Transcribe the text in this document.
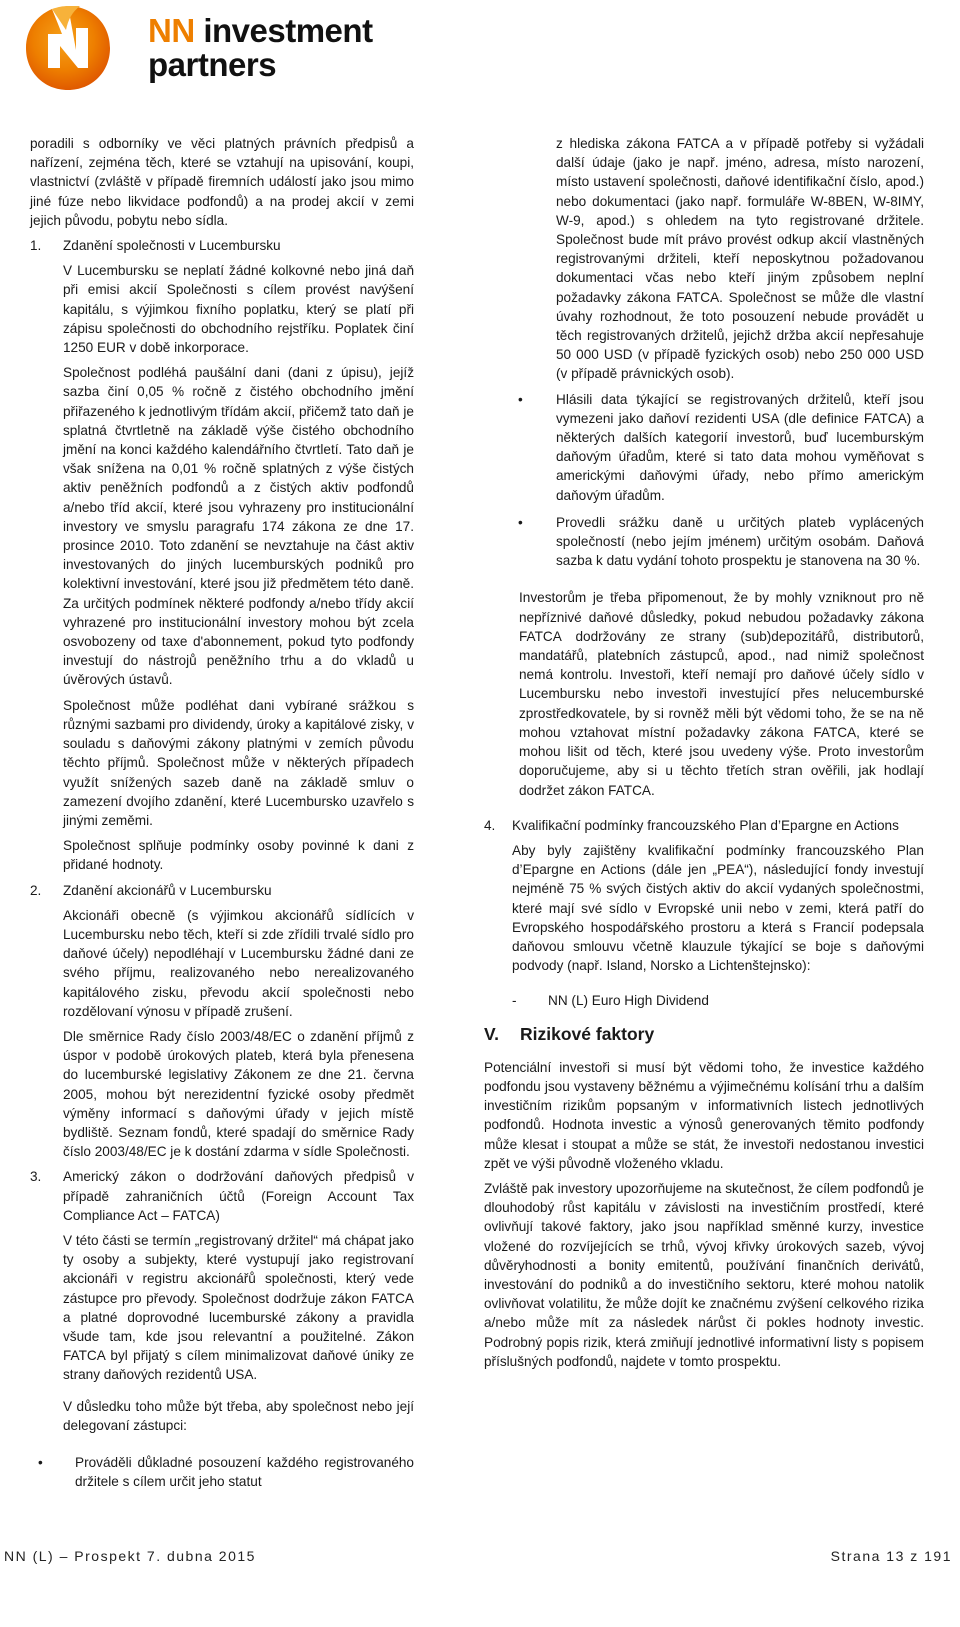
NN investment
partners

poradili s odborníky ve věci platných právních předpisů a nařízení, zejména těch, které se vztahují na upisování, koupi, vlastnictví (zvláště v případě firemních událostí jako jsou mimo jiné fúze nebo likvidace podfondů) a na prodej akcií v zemi jejich původu, pobytu nebo sídla.

1. Zdanění společnosti v Lucembursku

V Lucembursku se neplatí žádné kolkovné nebo jiná daň při emisi akcií Společnosti s cílem provést navýšení kapitálu, s výjimkou fixního poplatku, který se platí při zápisu společnosti do obchodního rejstříku. Poplatek činí 1250 EUR v době inkorporace.

Společnost podléhá paušální dani (dani z úpisu), jejíž sazba činí 0,05 % ročně z čistého obchodního jmění přiřazeného k jednotlivým třídám akcií, přičemž tato daň je splatná čtvrtletně na základě výše čistého obchodního jmění na konci každého kalendářního čtvrtletí. Tato daň je však snížena na 0,01 % ročně splatných z výše čistých aktiv peněžních podfondů a z čistých aktiv podfondů a/nebo tříd akcií, které jsou vyhrazeny pro institucionální investory ve smyslu paragrafu 174 zákona ze dne 17. prosince 2010. Toto zdanění se nevztahuje na část aktiv investovaných do jiných lucemburských podniků pro kolektivní investování, které jsou již předmětem této daně. Za určitých podmínek některé podfondy a/nebo třídy akcií vyhrazené pro institucionální investory mohou být zcela osvobozeny od taxe d'abonnement, pokud tyto podfondy investují do nástrojů peněžního trhu a do vkladů u úvěrových ústavů.

Společnost může podléhat dani vybírané srážkou s různými sazbami pro dividendy, úroky a kapitálové zisky, v souladu s daňovými zákony platnými v zemích původu těchto příjmů. Společnost může v některých případech využít snížených sazeb daně na základě smluv o zamezení dvojího zdanění, které Lucembursko uzavřelo s jinými zeměmi.

Společnost splňuje podmínky osoby povinné k dani z přidané hodnoty.

2. Zdanění akcionářů v Lucembursku

Akcionáři obecně (s výjimkou akcionářů sídlících v Lucembursku nebo těch, kteří si zde zřídili trvalé sídlo pro daňové účely) nepodléhají v Lucembursku žádné dani ze svého příjmu, realizovaného nebo nerealizovaného kapitálového zisku, převodu akcií společnosti nebo rozdělovaní výnosu v případě zrušení.

Dle směrnice Rady číslo 2003/48/EC o zdanění příjmů z úspor v podobě úrokových plateb, která byla přenesena do lucemburské legislativy Zákonem ze dne 21. června 2005, mohou být nerezidentní fyzické osoby předmět výměny informací s daňovými úřady v jejich místě bydliště. Seznam fondů, které spadají do směrnice Rady číslo 2003/48/EC je k dostání zdarma v sídle Společnosti.

3. Americký zákon o dodržování daňových předpisů v případě zahraničních účtů (Foreign Account Tax Compliance Act – FATCA)

V této části se termín „registrovaný držitel“ má chápat jako ty osoby a subjekty, které vystupují jako registrovaní akcionáři v registru akcionářů společnosti, který vede zástupce pro převody. Společnost dodržuje zákon FATCA a platné doprovodné lucemburské zákony a pravidla všude tam, kde jsou relevantní a použitelné. Zákon FATCA byl přijatý s cílem minimalizovat daňové úniky ze strany daňových rezidentů USA.

V důsledku toho může být třeba, aby společnost nebo její delegovaní zástupci:

• Prováděli důkladné posouzení každého registrovaného držitele s cílem určit jeho statut

z hlediska zákona FATCA a v případě potřeby si vyžádali další údaje (jako je např. jméno, adresa, místo narození, místo ustavení společnosti, daňové identifikační číslo, apod.) nebo dokumentaci (jako např. formuláře W-8BEN, W-8IMY, W-9, apod.) s ohledem na tyto registrované držitele. Společnost bude mít právo provést odkup akcií vlastněných registrovanými držiteli, kteří neposkytnou požadovanou dokumentaci včas nebo kteří jiným způsobem neplní požadavky zákona FATCA. Společnost se může dle vlastní úvahy rozhodnout, že toto posouzení nebude provádět u těch registrovaných držitelů, jejichž držba akcií nepřesahuje 50 000 USD (v případě fyzických osob) nebo 250 000 USD (v případě právnických osob).

• Hlásili data týkající se registrovaných držitelů, kteří jsou vymezeni jako daňoví rezidenti USA (dle definice FATCA) a některých dalších kategorií investorů, buď lucemburským daňovým úřadům, které si tato data mohou vyměňovat s americkými daňovými úřady, nebo přímo americkým daňovým úřadům.
• Provedli srážku daně u určitých plateb vyplácených společností (nebo jejím jménem) určitým osobám. Daňová sazba k datu vydání tohoto prospektu je stanovena na 30 %.

Investorům je třeba připomenout, že by mohly vzniknout pro ně nepříznivé daňové důsledky, pokud nebudou požadavky zákona FATCA dodržovány ze strany (sub)depozitářů, distributorů, mandatářů, platebních zástupců, apod., nad nimiž společnost nemá kontrolu. Investoři, kteří nemají pro daňové účely sídlo v Lucembursku nebo investoři investující přes nelucemburské zprostředkovatele, by si rovněž měli být vědomi toho, že se na ně mohou vztahovat místní požadavky zákona FATCA, které se mohou lišit od těch, které jsou uvedeny výše. Proto investorům doporučujeme, aby si u těchto třetích stran ověřili, jak hodlají dodržet zákon FATCA.

4. Kvalifikační podmínky francouzského Plan d’Epargne en Actions

Aby byly zajištěny kvalifikační podmínky francouzského Plan d’Epargne en Actions (dále jen „PEA“), následující fondy investují nejméně 75 % svých čistých aktiv do akcií vydaných společnostmi, které mají své sídlo v Evropské unii nebo v zemi, která patří do Evropského hospodářského prostoru a která s Francií podepsala daňovou smlouvu včetně klauzule týkající se boje s daňovými podvody (např. Island, Norsko a Lichtenštejnsko):

- NN (L) Euro High Dividend
V. Rizikové faktory

Potenciální investoři si musí být vědomi toho, že investice každého podfondu jsou vystaveny běžnému a výjimečnému kolísání trhu a dalším investičním rizikům popsaným v informativních listech jednotlivých podfondů. Hodnota investic a výnosů generovaných těmito podfondy může klesat i stoupat a může se stát, že investoři nedostanou investici zpět ve výši původně vloženého vkladu.

Zvláště pak investory upozorňujeme na skutečnost, že cílem podfondů je dlouhodobý růst kapitálu v závislosti na investičním prostředí, které ovlivňují takové faktory, jako jsou například směnné kurzy, investice vložené do rozvíjejících se trhů, vývoj křivky úrokových sazeb, vývoj důvěryhodnosti a bonity emitentů, používání finančních derivátů, investování do podniků a do investičního sektoru, které mohou natolik ovlivňovat volatilitu, že může dojít ke značnému zvýšení celkového rizika a/nebo může mít za následek nárůst či pokles hodnoty investic. Podrobný popis rizik, která zmiňují jednotlivé informativní listy s popisem příslušných podfondů, najdete v tomto prospektu.

NN (L) – Prospekt 7. dubna 2015	Strana 13 z 191
